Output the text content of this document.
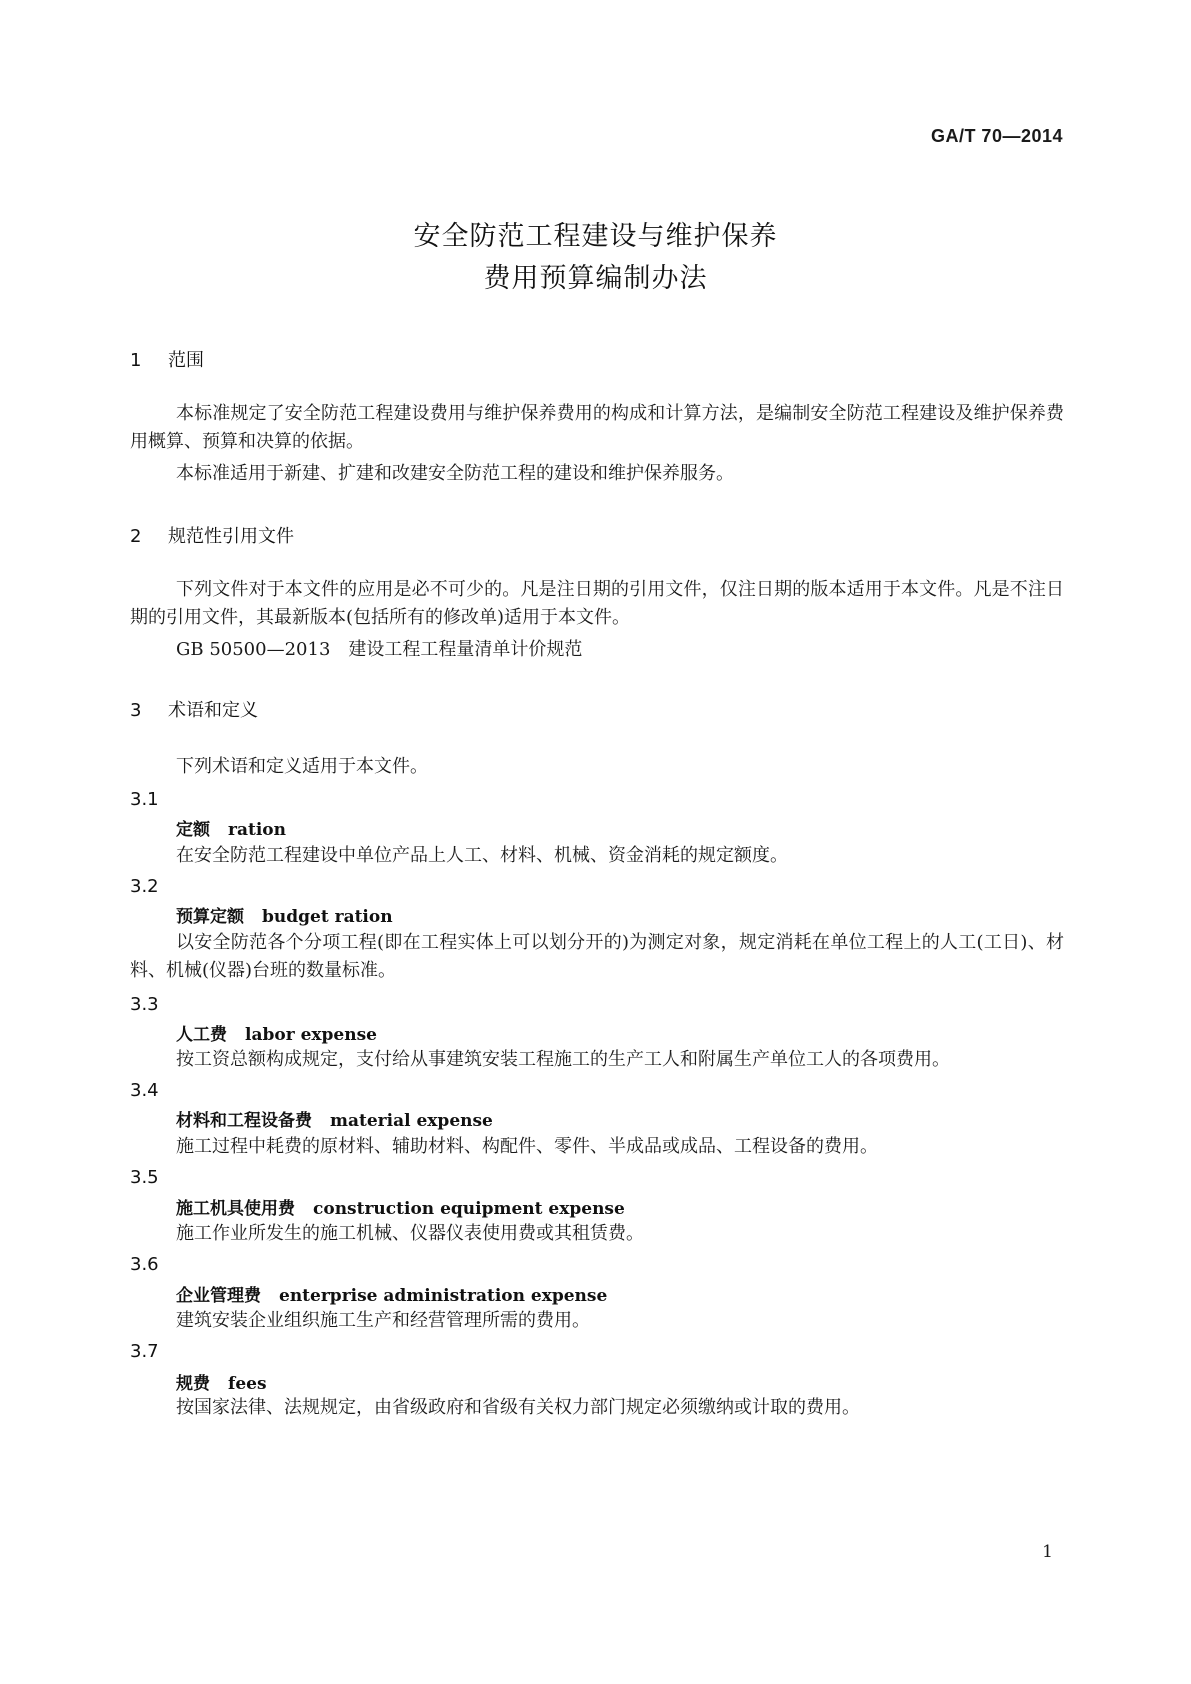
GA/T 70—2014
安全防范工程建设与维护保养
费用预算编制办法
1 范围
本标准规定了安全防范工程建设费用与维护保养费用的构成和计算方法，是编制安全防范工程建设及维护保养费用概算、预算和决算的依据。
本标准适用于新建、扩建和改建安全防范工程的建设和维护保养服务。
2 规范性引用文件
下列文件对于本文件的应用是必不可少的。凡是注日期的引用文件，仅注日期的版本适用于本文件。凡是不注日期的引用文件，其最新版本(包括所有的修改单)适用于本文件。
GB 50500—2013　建设工程工程量清单计价规范
3 术语和定义
下列术语和定义适用于本文件。
3.1
定额 ration
在安全防范工程建设中单位产品上人工、材料、机械、资金消耗的规定额度。
3.2
预算定额 budget ration
以安全防范各个分项工程(即在工程实体上可以划分开的)为测定对象，规定消耗在单位工程上的人工(工日)、材料、机械(仪器)台班的数量标准。
3.3
人工费 labor expense
按工资总额构成规定，支付给从事建筑安装工程施工的生产工人和附属生产单位工人的各项费用。
3.4
材料和工程设备费 material expense
施工过程中耗费的原材料、辅助材料、构配件、零件、半成品或成品、工程设备的费用。
3.5
施工机具使用费 construction equipment expense
施工作业所发生的施工机械、仪器仪表使用费或其租赁费。
3.6
企业管理费 enterprise administration expense
建筑安装企业组织施工生产和经营管理所需的费用。
3.7
规费 fees
按国家法律、法规规定，由省级政府和省级有关权力部门规定必须缴纳或计取的费用。
1
